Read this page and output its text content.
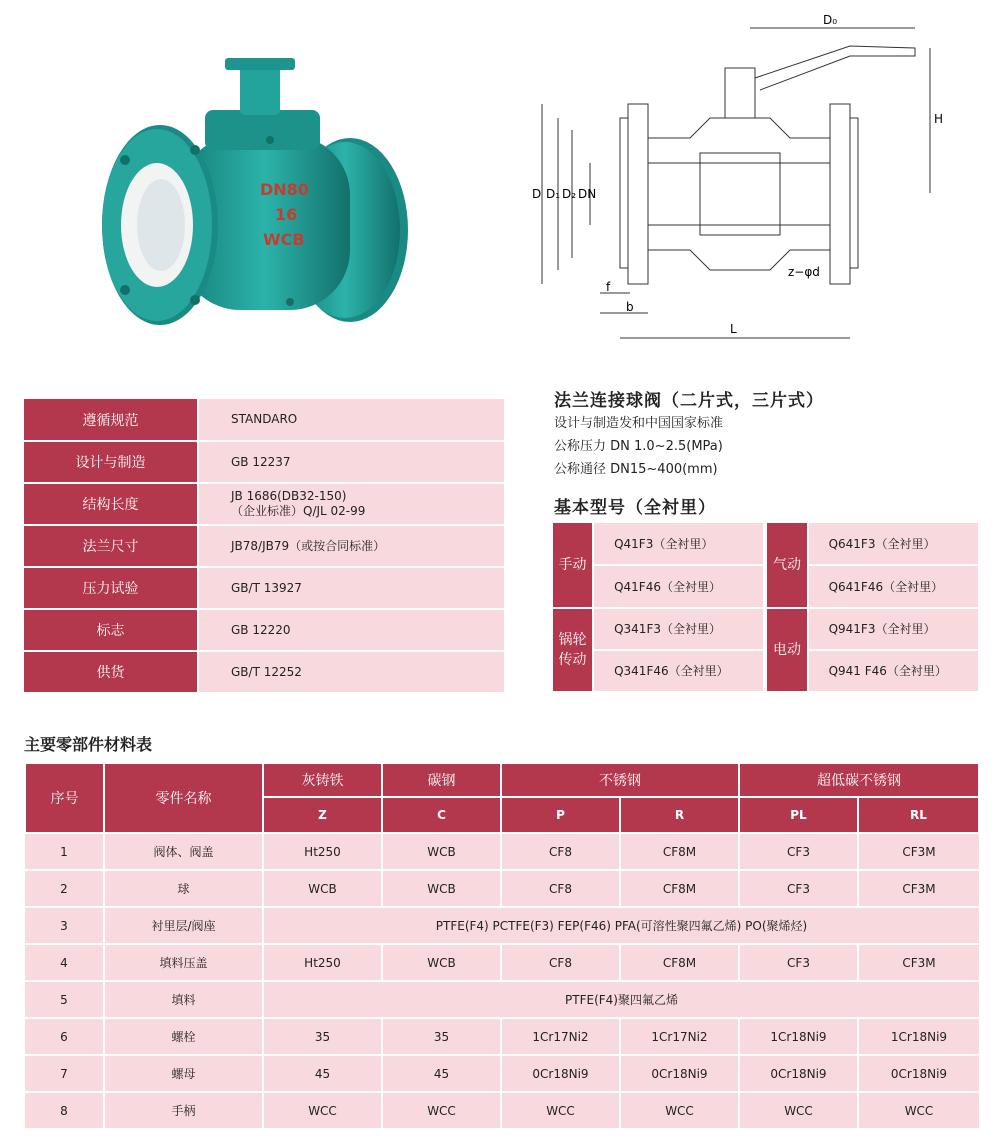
DN80
16
WCB
D₀
H
D D₁ D₂ DN
f
b
L
z−φd
遵循规范	STANDARO
设计与制造	GB 12237
结构长度	JB 1686(DB32-150)
（企业标准）Q/JL 02-99

法兰尺寸	JB78/JB79（或按合同标准）
压力试验	GB/T 13927
标志	GB 12220
供货	GB/T 12252
法兰连接球阀（二片式，三片式）
设计与制造发和中国国家标准
公称压力 DN 1.0~2.5(MPa)
公称通径 DN15~400(mm)
基本型号（全衬里）
手动	Q41F3（全衬里）		气动	Q641F3（全衬里）
	Q41F46（全衬里）			Q641F46（全衬里）
锅轮传动	Q341F3（全衬里）		电动	Q941F3（全衬里）
	Q341F46（全衬里）			Q941 F46（全衬里）
主要零部件材料表
序号	零件名称	灰铸铁	碳钢	不锈钢		超低碳不锈钢	
		Z	C	P	R	PL	RL
1	阀体、阀盖	Ht250	WCB	CF8	CF8M	CF3	CF3M
2	球	WCB	WCB	CF8	CF8M	CF3	CF3M
3	衬里层/阀座	PTFE(F4) PCTFE(F3) FEP(F46) PFA(可溶性聚四氟乙烯) PO(聚烯烃)					
4	填料压盖	Ht250	WCB	CF8	CF8M	CF3	CF3M
5	填料	PTFE(F4)聚四氟乙烯					
6	螺栓	35	35	1Cr17Ni2	1Cr17Ni2	1Cr18Ni9	1Cr18Ni9
7	螺母	45	45	0Cr18Ni9	0Cr18Ni9	0Cr18Ni9	0Cr18Ni9
8	手柄	WCC	WCC	WCC	WCC	WCC	WCC
